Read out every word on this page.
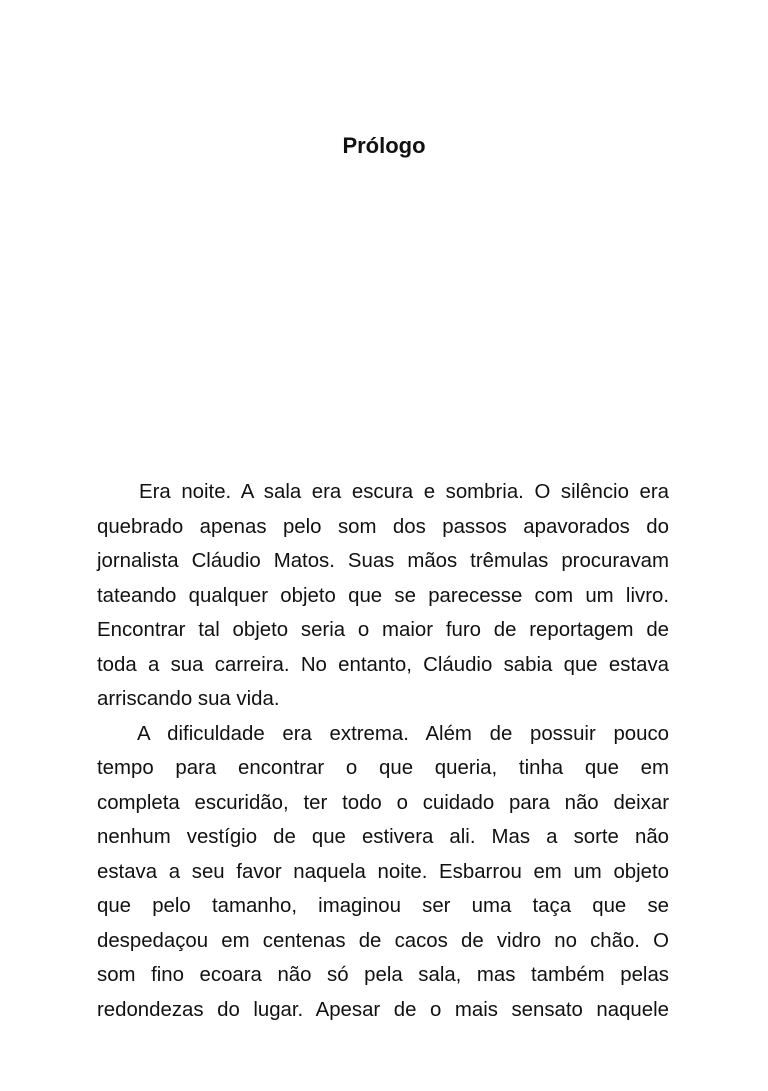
Prólogo
Era noite. A sala era escura e sombria. O silêncio era
quebrado apenas pelo som dos passos apavorados do
jornalista Cláudio Matos. Suas mãos trêmulas procuravam
tateando qualquer objeto que se parecesse com um livro.
Encontrar tal objeto seria o maior furo de reportagem de
toda a sua carreira. No entanto, Cláudio sabia que estava
arriscando sua vida.
A dificuldade era extrema. Além de possuir pouco
tempo para encontrar o que queria, tinha que em
completa escuridão, ter todo o cuidado para não deixar
nenhum vestígio de que estivera ali. Mas a sorte não
estava a seu favor naquela noite. Esbarrou em um objeto
que pelo tamanho, imaginou ser uma taça que se
despedaçou em centenas de cacos de vidro no chão. O
som fino ecoara não só pela sala, mas também pelas
redondezas do lugar. Apesar de o mais sensato naquele
